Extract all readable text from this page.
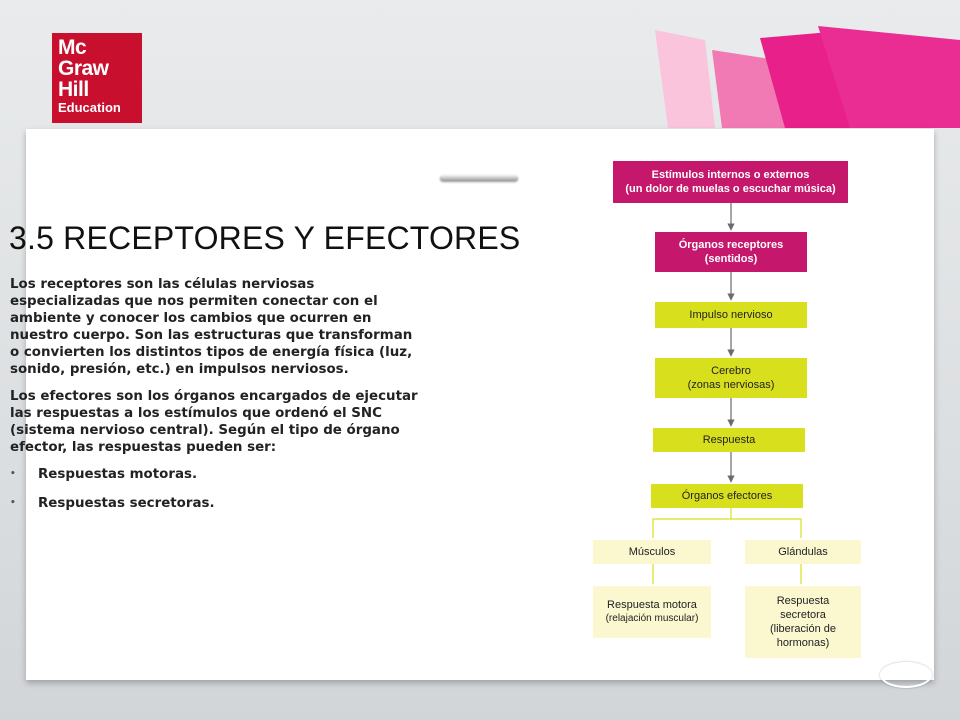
Mc
Graw
Hill
Education
3.5 RECEPTORES Y EFECTORES

Los receptores son las células nerviosas especializadas que nos permiten conectar con el ambiente y conocer los cambios que ocurren en nuestro cuerpo. Son las estructuras que transforman o convierten los distintos tipos de energía física (luz, sonido, presión, etc.) en impulsos nerviosos.

Los efectores son los órganos encargados de ejecutar las respuestas a los estímulos que ordenó el SNC (sistema nervioso central). Según el tipo de órgano efector, las respuestas pueden ser:

• Respuestas motoras.
• Respuestas secretoras.
Estímulos internos o externos
(un dolor de muelas o escuchar música)
Órganos receptores
(sentidos)
Impulso nervioso
Cerebro
(zonas nerviosas)
Respuesta
Órganos efectores
Músculos	Glándulas
Respuesta motora
(relajación muscular)
Respuesta
secretora
(liberación de
hormonas)
